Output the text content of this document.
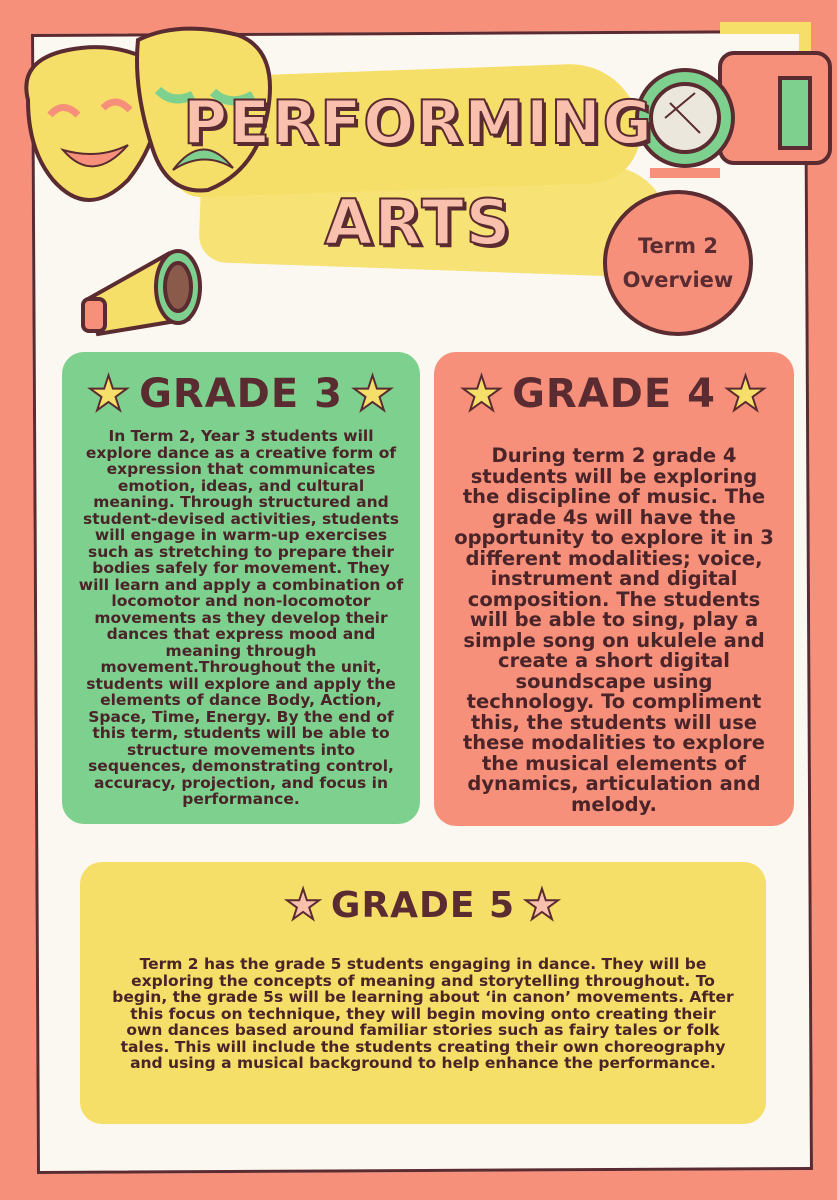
PERFORMING
ARTS	Term 2
Overview
★ GRADE 3 ★
In Term 2, Year 3 students will explore dance as a creative form of expression that communicates emotion, ideas, and cultural meaning. Through structured and student-devised activities, students will engage in warm-up exercises such as stretching to prepare their bodies safely for movement. They will learn and apply a combination of locomotor and non-locomotor movements as they develop their dances that express mood and meaning through movement.Throughout the unit, students will explore and apply the elements of dance Body, Action, Space, Time, Energy. By the end of this term, students will be able to structure movements into sequences, demonstrating control, accuracy, projection, and focus in performance.
★ GRADE 4 ★
During term 2 grade 4 students will be exploring the discipline of music. The grade 4s will have the opportunity to explore it in 3 different modalities; voice, instrument and digital composition. The students will be able to sing, play a simple song on ukulele and create a short digital soundscape using technology. To compliment this, the students will use these modalities to explore the musical elements of dynamics, articulation and melody.
★ GRADE 5 ★
Term 2 has the grade 5 students engaging in dance. They will be exploring the concepts of meaning and storytelling throughout. To begin, the grade 5s will be learning about ‘in canon’ movements. After this focus on technique, they will begin moving onto creating their own dances based around familiar stories such as fairy tales or folk tales. This will include the students creating their own choreography and using a musical background to help enhance the performance.
